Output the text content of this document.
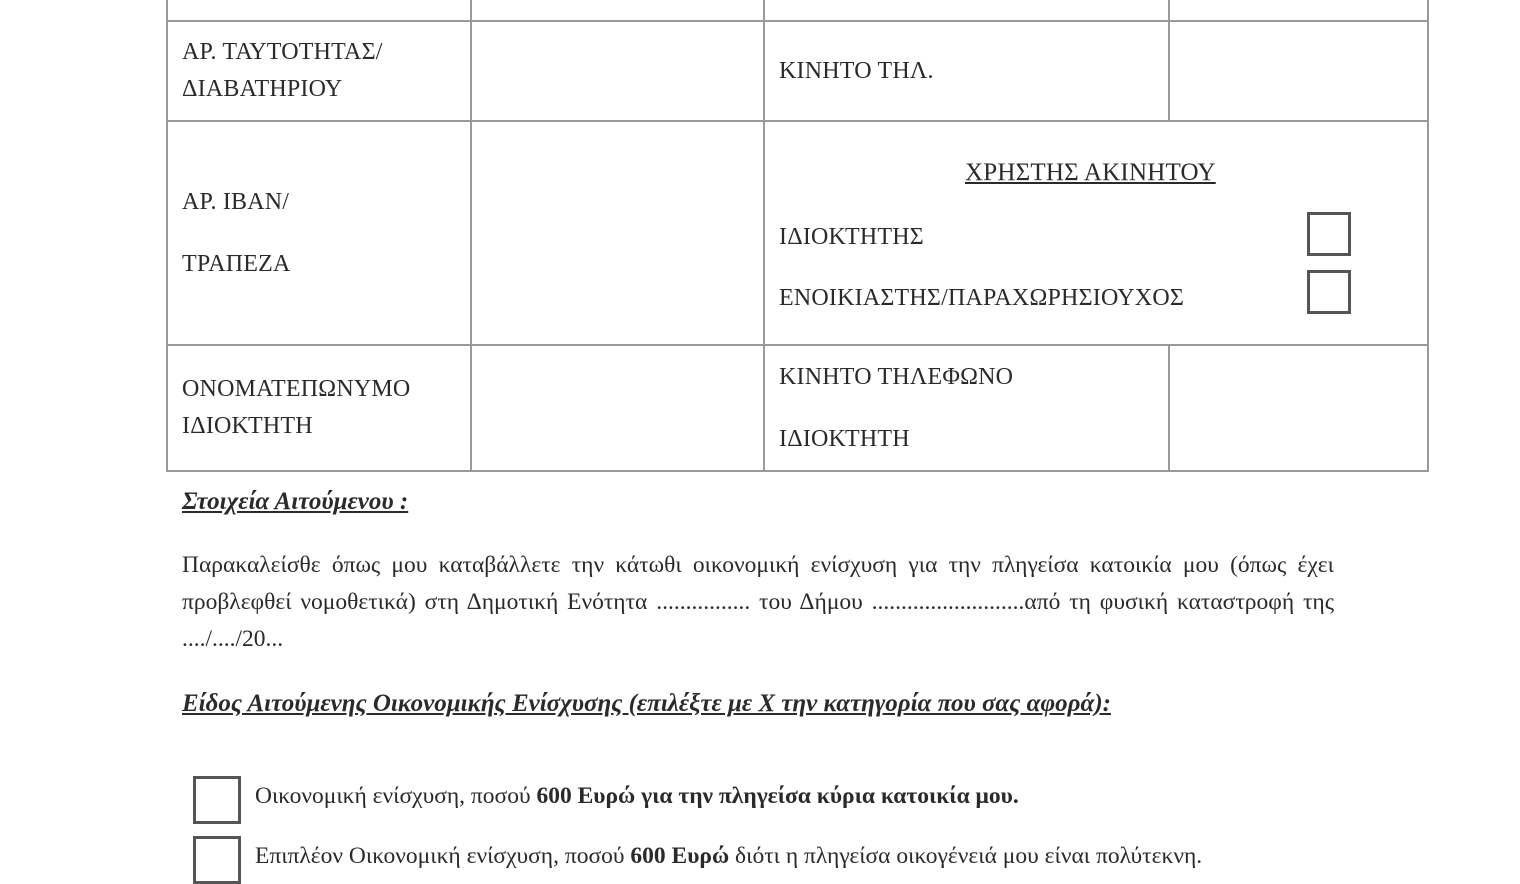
ΑΡ. ΤΑΥΤΟΤΗΤΑΣ/
ΔΙΑΒΑΤΗΡΙΟΥ		ΚΙΝΗΤΟ ΤΗΛ.	

ΑΡ. ΙΒΑΝ/
ΤΡΑΠΕΖΑ		ΧΡΗΣΤΗΣ ΑΚΙΝΗΤΟΥ
ΙΔΙΟΚΤΗΤΗΣ
ΕΝΟΙΚΙΑΣΤΗΣ/ΠΑΡΑΧΩΡΗΣΙΟΥΧΟΣ	

ΟΝΟΜΑΤΕΠΩΝΥΜΟ
ΙΔΙΟΚΤΗΤΗ		ΚΙΝΗΤΟ ΤΗΛΕΦΩΝΟ
ΙΔΙΟΚΤΗΤΗ	

Στοιχεία Αιτούμενου :
Παρακαλείσθε όπως μου καταβάλλετε την κάτωθι οικονομική ενίσχυση για την πληγείσα κατοικία μου (όπως έχει προβλεφθεί νομοθετικά) στη Δημοτική Ενότητα ................ του Δήμου ..........................από τη φυσική καταστροφή της ..../..../20...
Είδος Αιτούμενης Οικονομικής Ενίσχυσης (επιλέξτε με Χ την κατηγορία που σας αφορά):
Οικονομική ενίσχυση, ποσού 600 Ευρώ για την πληγείσα κύρια κατοικία μου.
Επιπλέον Οικονομική ενίσχυση, ποσού 600 Ευρώ διότι η πληγείσα οικογένειά μου είναι πολύτεκνη.
